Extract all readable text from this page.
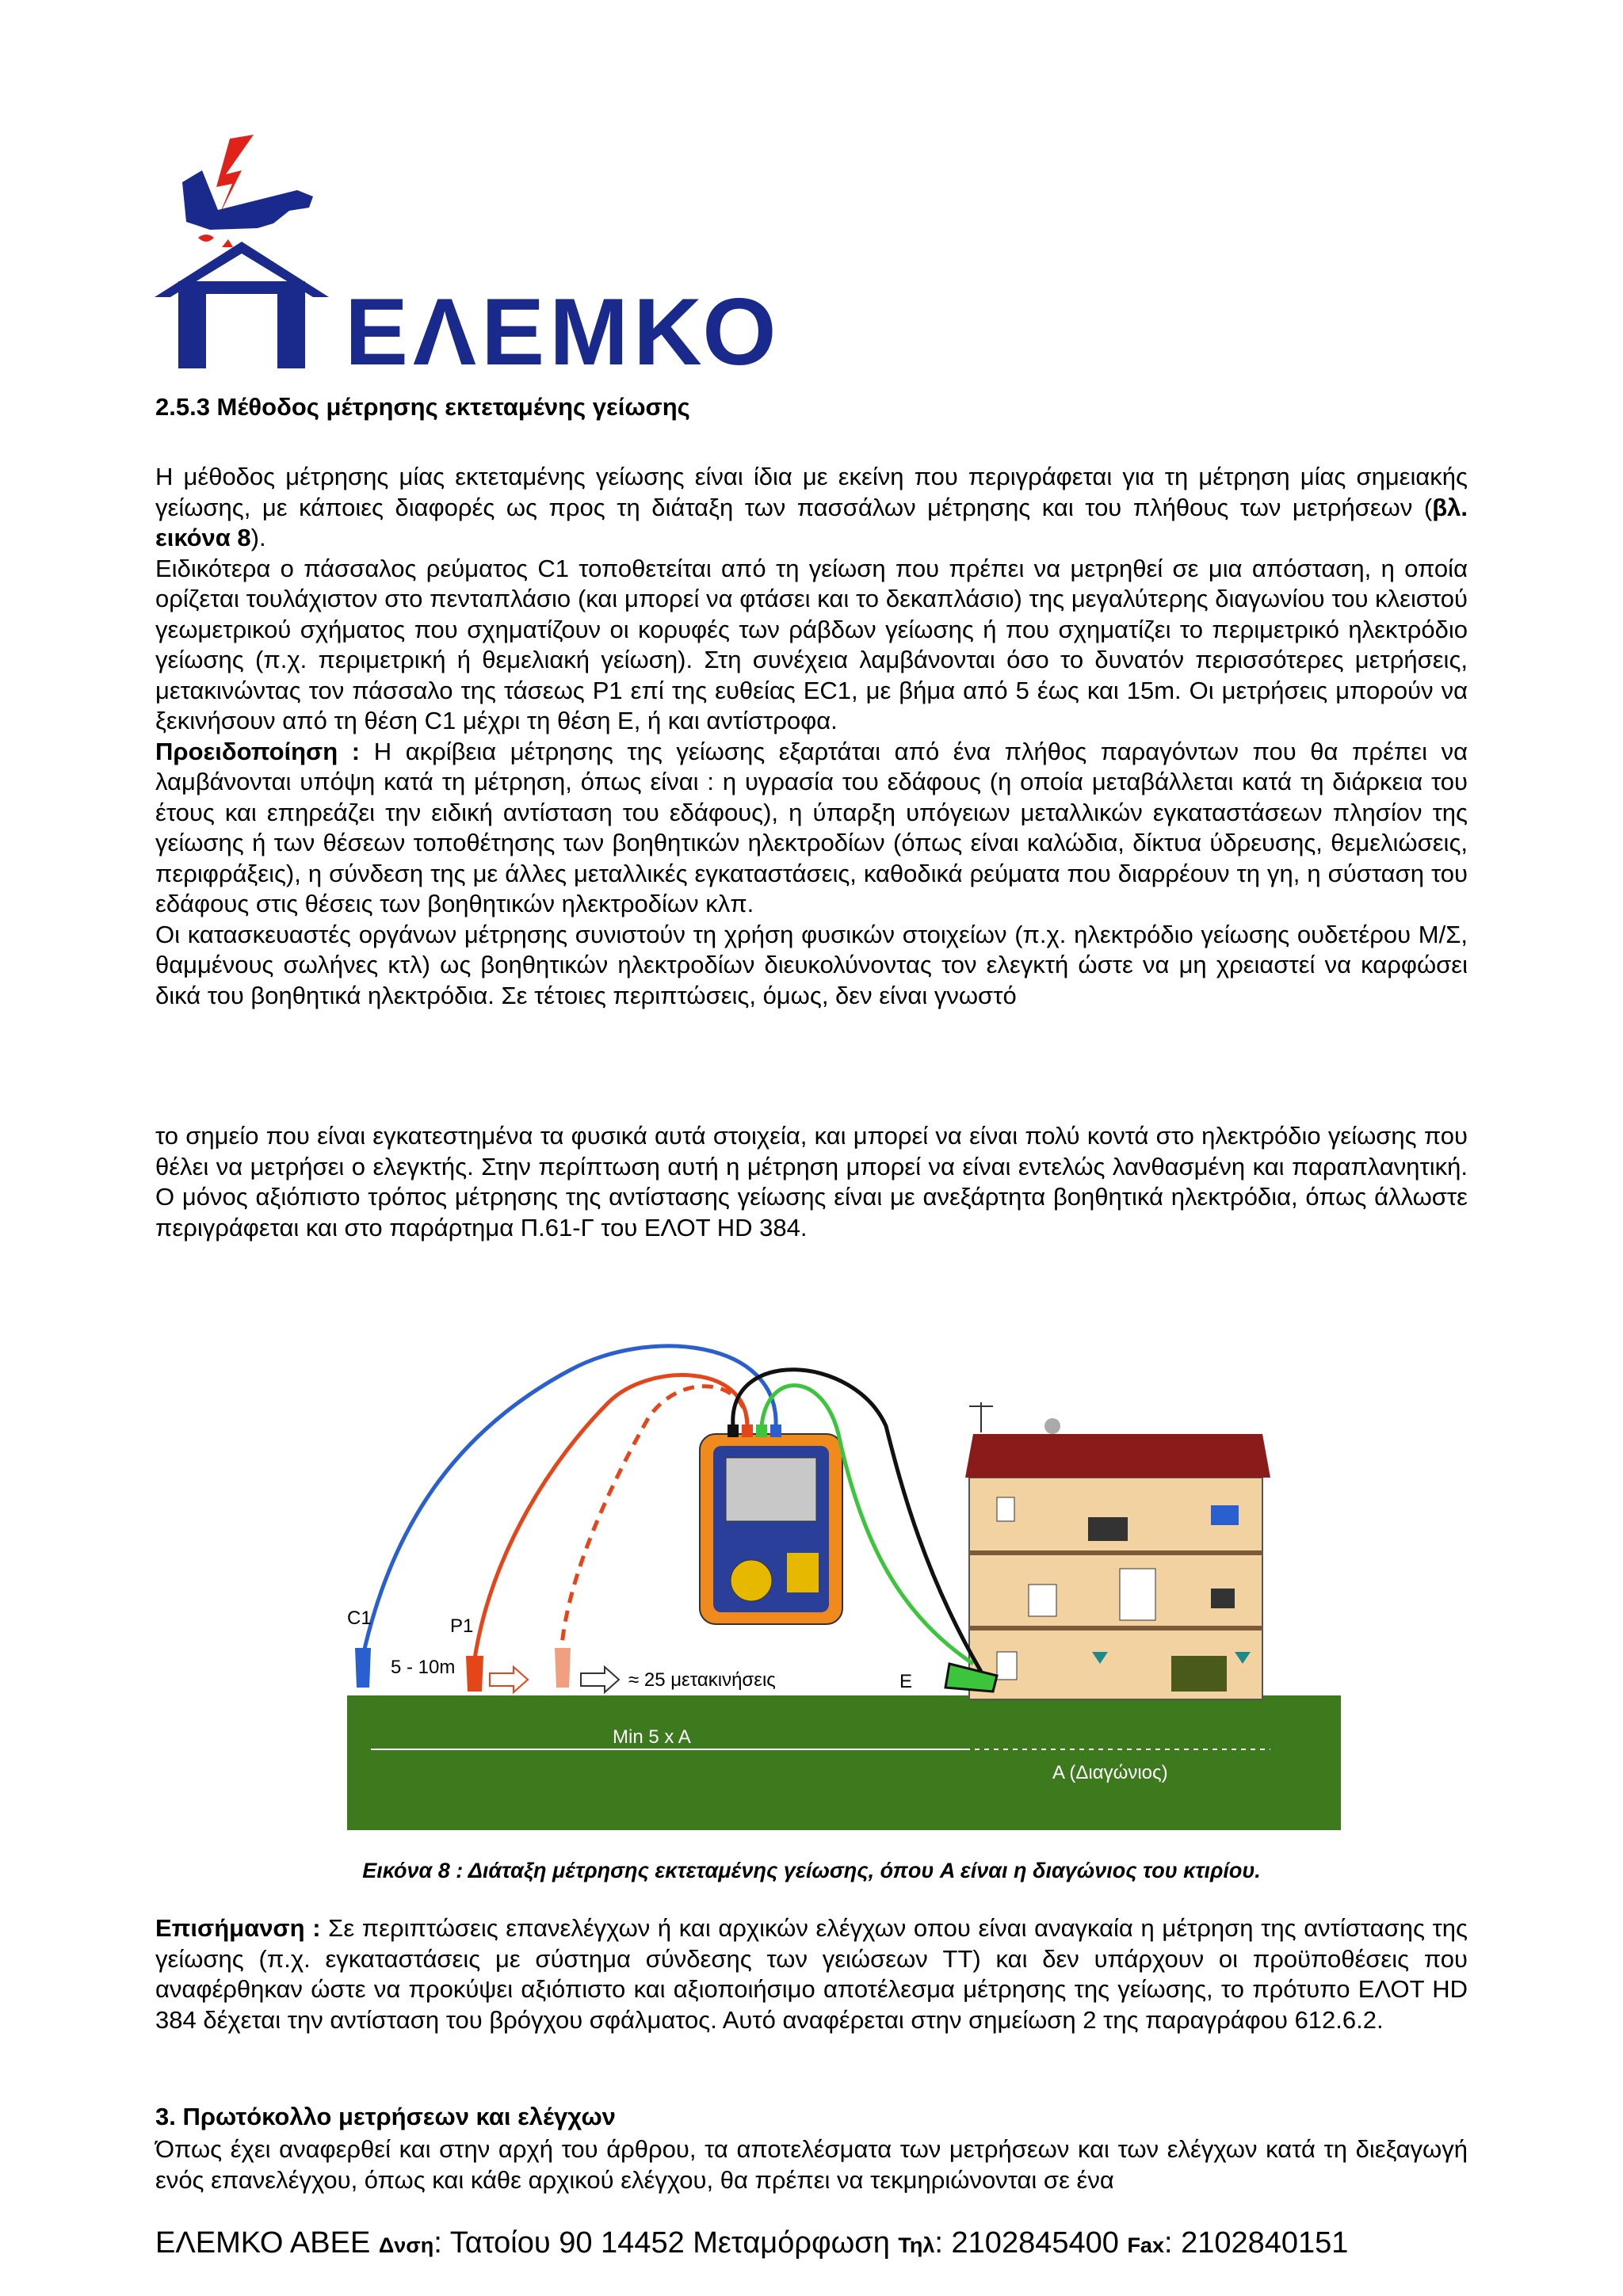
ΕΛΕΜΚΟ
2.5.3 Μέθοδος μέτρησης εκτεταμένης γείωσης
Η μέθοδος μέτρησης μίας εκτεταμένης γείωσης είναι ίδια με εκείνη που περιγράφεται για τη μέτρηση μίας σημειακής γείωσης, με κάποιες διαφορές ως προς τη διάταξη των πασσάλων μέτρησης και του πλήθους των μετρήσεων (βλ. εικόνα 8).
Ειδικότερα ο πάσσαλος ρεύματος C1 τοποθετείται από τη γείωση που πρέπει να μετρηθεί σε μια απόσταση, η οποία ορίζεται τουλάχιστον στο πενταπλάσιο (και μπορεί να φτάσει και το δεκαπλάσιο) της μεγαλύτερης διαγωνίου του κλειστού γεωμετρικού σχήματος που σχηματίζουν οι κορυφές των ράβδων γείωσης ή που σχηματίζει το περιμετρικό ηλεκτρόδιο γείωσης (π.χ. περιμετρική ή θεμελιακή γείωση). Στη συνέχεια λαμβάνονται όσο το δυνατόν περισσότερες μετρήσεις, μετακινώντας τον πάσσαλο της τάσεως P1 επί της ευθείας EC1, με βήμα από 5 έως και 15m. Οι μετρήσεις μπορούν να ξεκινήσουν από τη θέση C1 μέχρι τη θέση E, ή και αντίστροφα.
Προειδοποίηση : Η ακρίβεια μέτρησης της γείωσης εξαρτάται από ένα πλήθος παραγόντων που θα πρέπει να λαμβάνονται υπόψη κατά τη μέτρηση, όπως είναι : η υγρασία του εδάφους (η οποία μεταβάλλεται κατά τη διάρκεια του έτους και επηρεάζει την ειδική αντίσταση του εδάφους), η ύπαρξη υπόγειων μεταλλικών εγκαταστάσεων πλησίον της γείωσης ή των θέσεων τοποθέτησης των βοηθητικών ηλεκτροδίων (όπως είναι καλώδια, δίκτυα ύδρευσης, θεμελιώσεις, περιφράξεις), η σύνδεση της με άλλες μεταλλικές εγκαταστάσεις, καθοδικά ρεύματα που διαρρέουν τη γη, η σύσταση του εδάφους στις θέσεις των βοηθητικών ηλεκτροδίων κλπ.
Οι κατασκευαστές οργάνων μέτρησης συνιστούν τη χρήση φυσικών στοιχείων (π.χ. ηλεκτρόδιο γείωσης ουδετέρου Μ/Σ, θαμμένους σωλήνες κτλ) ως βοηθητικών ηλεκτροδίων διευκολύνοντας τον ελεγκτή ώστε να μη χρειαστεί να καρφώσει δικά του βοηθητικά ηλεκτρόδια. Σε τέτοιες περιπτώσεις, όμως, δεν είναι γνωστό
το σημείο που είναι εγκατεστημένα τα φυσικά αυτά στοιχεία, και μπορεί να είναι πολύ κοντά στο ηλεκτρόδιο γείωσης που θέλει να μετρήσει ο ελεγκτής. Στην περίπτωση αυτή η μέτρηση μπορεί να είναι εντελώς λανθασμένη και παραπλανητική. Ο μόνος αξιόπιστο τρόπος μέτρησης της αντίστασης γείωσης είναι με ανεξάρτητα βοηθητικά ηλεκτρόδια, όπως άλλωστε περιγράφεται και στο παράρτημα Π.61-Γ του ΕΛΟΤ HD 384.
C1	P1
5 - 10m
≈ 25 μετακινήσεις	E
Min 5 x A
A (Διαγώνιος)
Εικόνα 8 : Διάταξη μέτρησης εκτεταμένης γείωσης, όπου A είναι η διαγώνιος του κτιρίου.
Επισήμανση : Σε περιπτώσεις επανελέγχων ή και αρχικών ελέγχων οπου είναι αναγκαία η μέτρηση της αντίστασης της γείωσης (π.χ. εγκαταστάσεις με σύστημα σύνδεσης των γειώσεων TT) και δεν υπάρχουν οι προϋποθέσεις που αναφέρθηκαν ώστε να προκύψει αξιόπιστο και αξιοποιήσιμο αποτέλεσμα μέτρησης της γείωσης, το πρότυπο ΕΛΟΤ HD 384 δέχεται την αντίσταση του βρόγχου σφάλματος. Αυτό αναφέρεται στην σημείωση 2 της παραγράφου 612.6.2.
3. Πρωτόκολλο μετρήσεων και ελέγχων
Όπως έχει αναφερθεί και στην αρχή του άρθρου, τα αποτελέσματα των μετρήσεων και των ελέγχων κατά τη διεξαγωγή ενός επανελέγχου, όπως και κάθε αρχικού ελέγχου, θα πρέπει να τεκμηριώνονται σε ένα
ΕΛΕΜΚΟ ΑΒΕΕ Δνση: Τατοίου 90 14452 Μεταμόρφωση Τηλ: 2102845400 Fax: 2102840151
